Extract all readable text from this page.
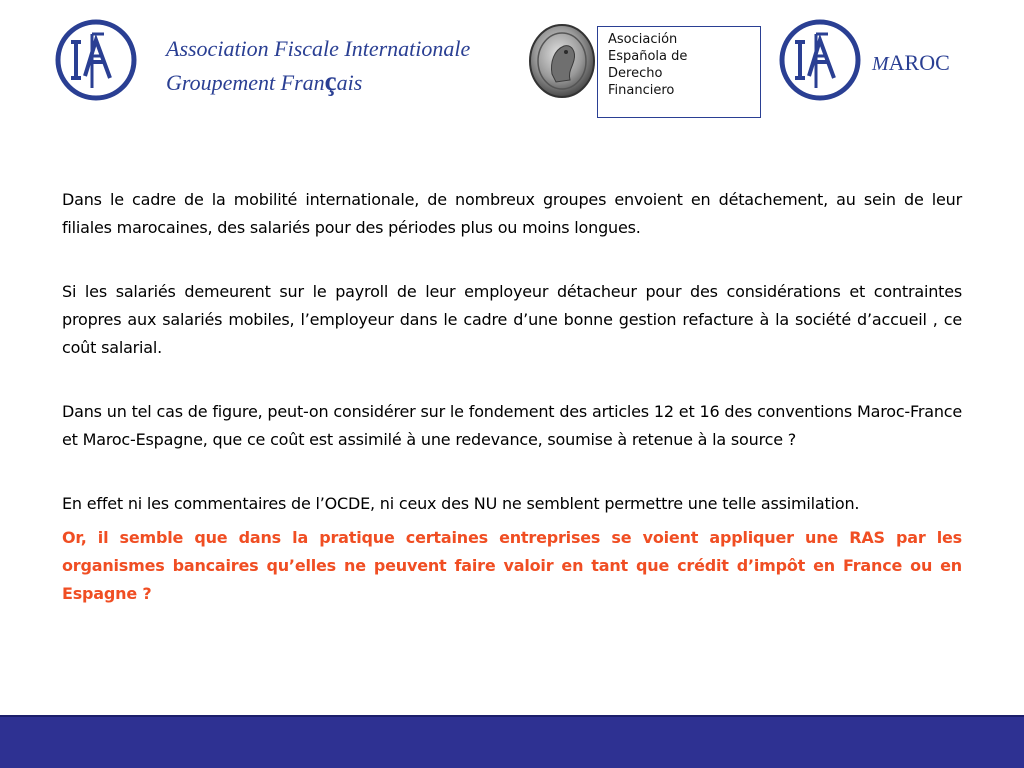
Association Fiscale Internationale
Groupement Français
Asociación
Española de
Derecho
Financiero
MAROC

Dans le cadre de la mobilité internationale, de nombreux groupes envoient en détachement, au sein de leur filiales marocaines, des salariés pour des périodes plus ou moins longues.

Si les salariés demeurent sur le payroll de leur employeur détacheur pour des considérations et contraintes propres aux salariés mobiles, l’employeur dans le cadre d’une bonne gestion refacture à la société d’accueil , ce coût salarial.

Dans un tel cas de figure, peut-on considérer sur le fondement des articles 12 et 16 des conventions Maroc-France et Maroc-Espagne, que ce coût est assimilé à une redevance, soumise à retenue à la source ?

En effet ni les commentaires de l’OCDE, ni ceux des NU ne semblent permettre une telle assimilation.

Or, il semble que dans la pratique certaines entreprises se voient appliquer une RAS par les organismes bancaires qu’elles ne peuvent faire valoir en tant que crédit d’impôt en France ou en Espagne ?
